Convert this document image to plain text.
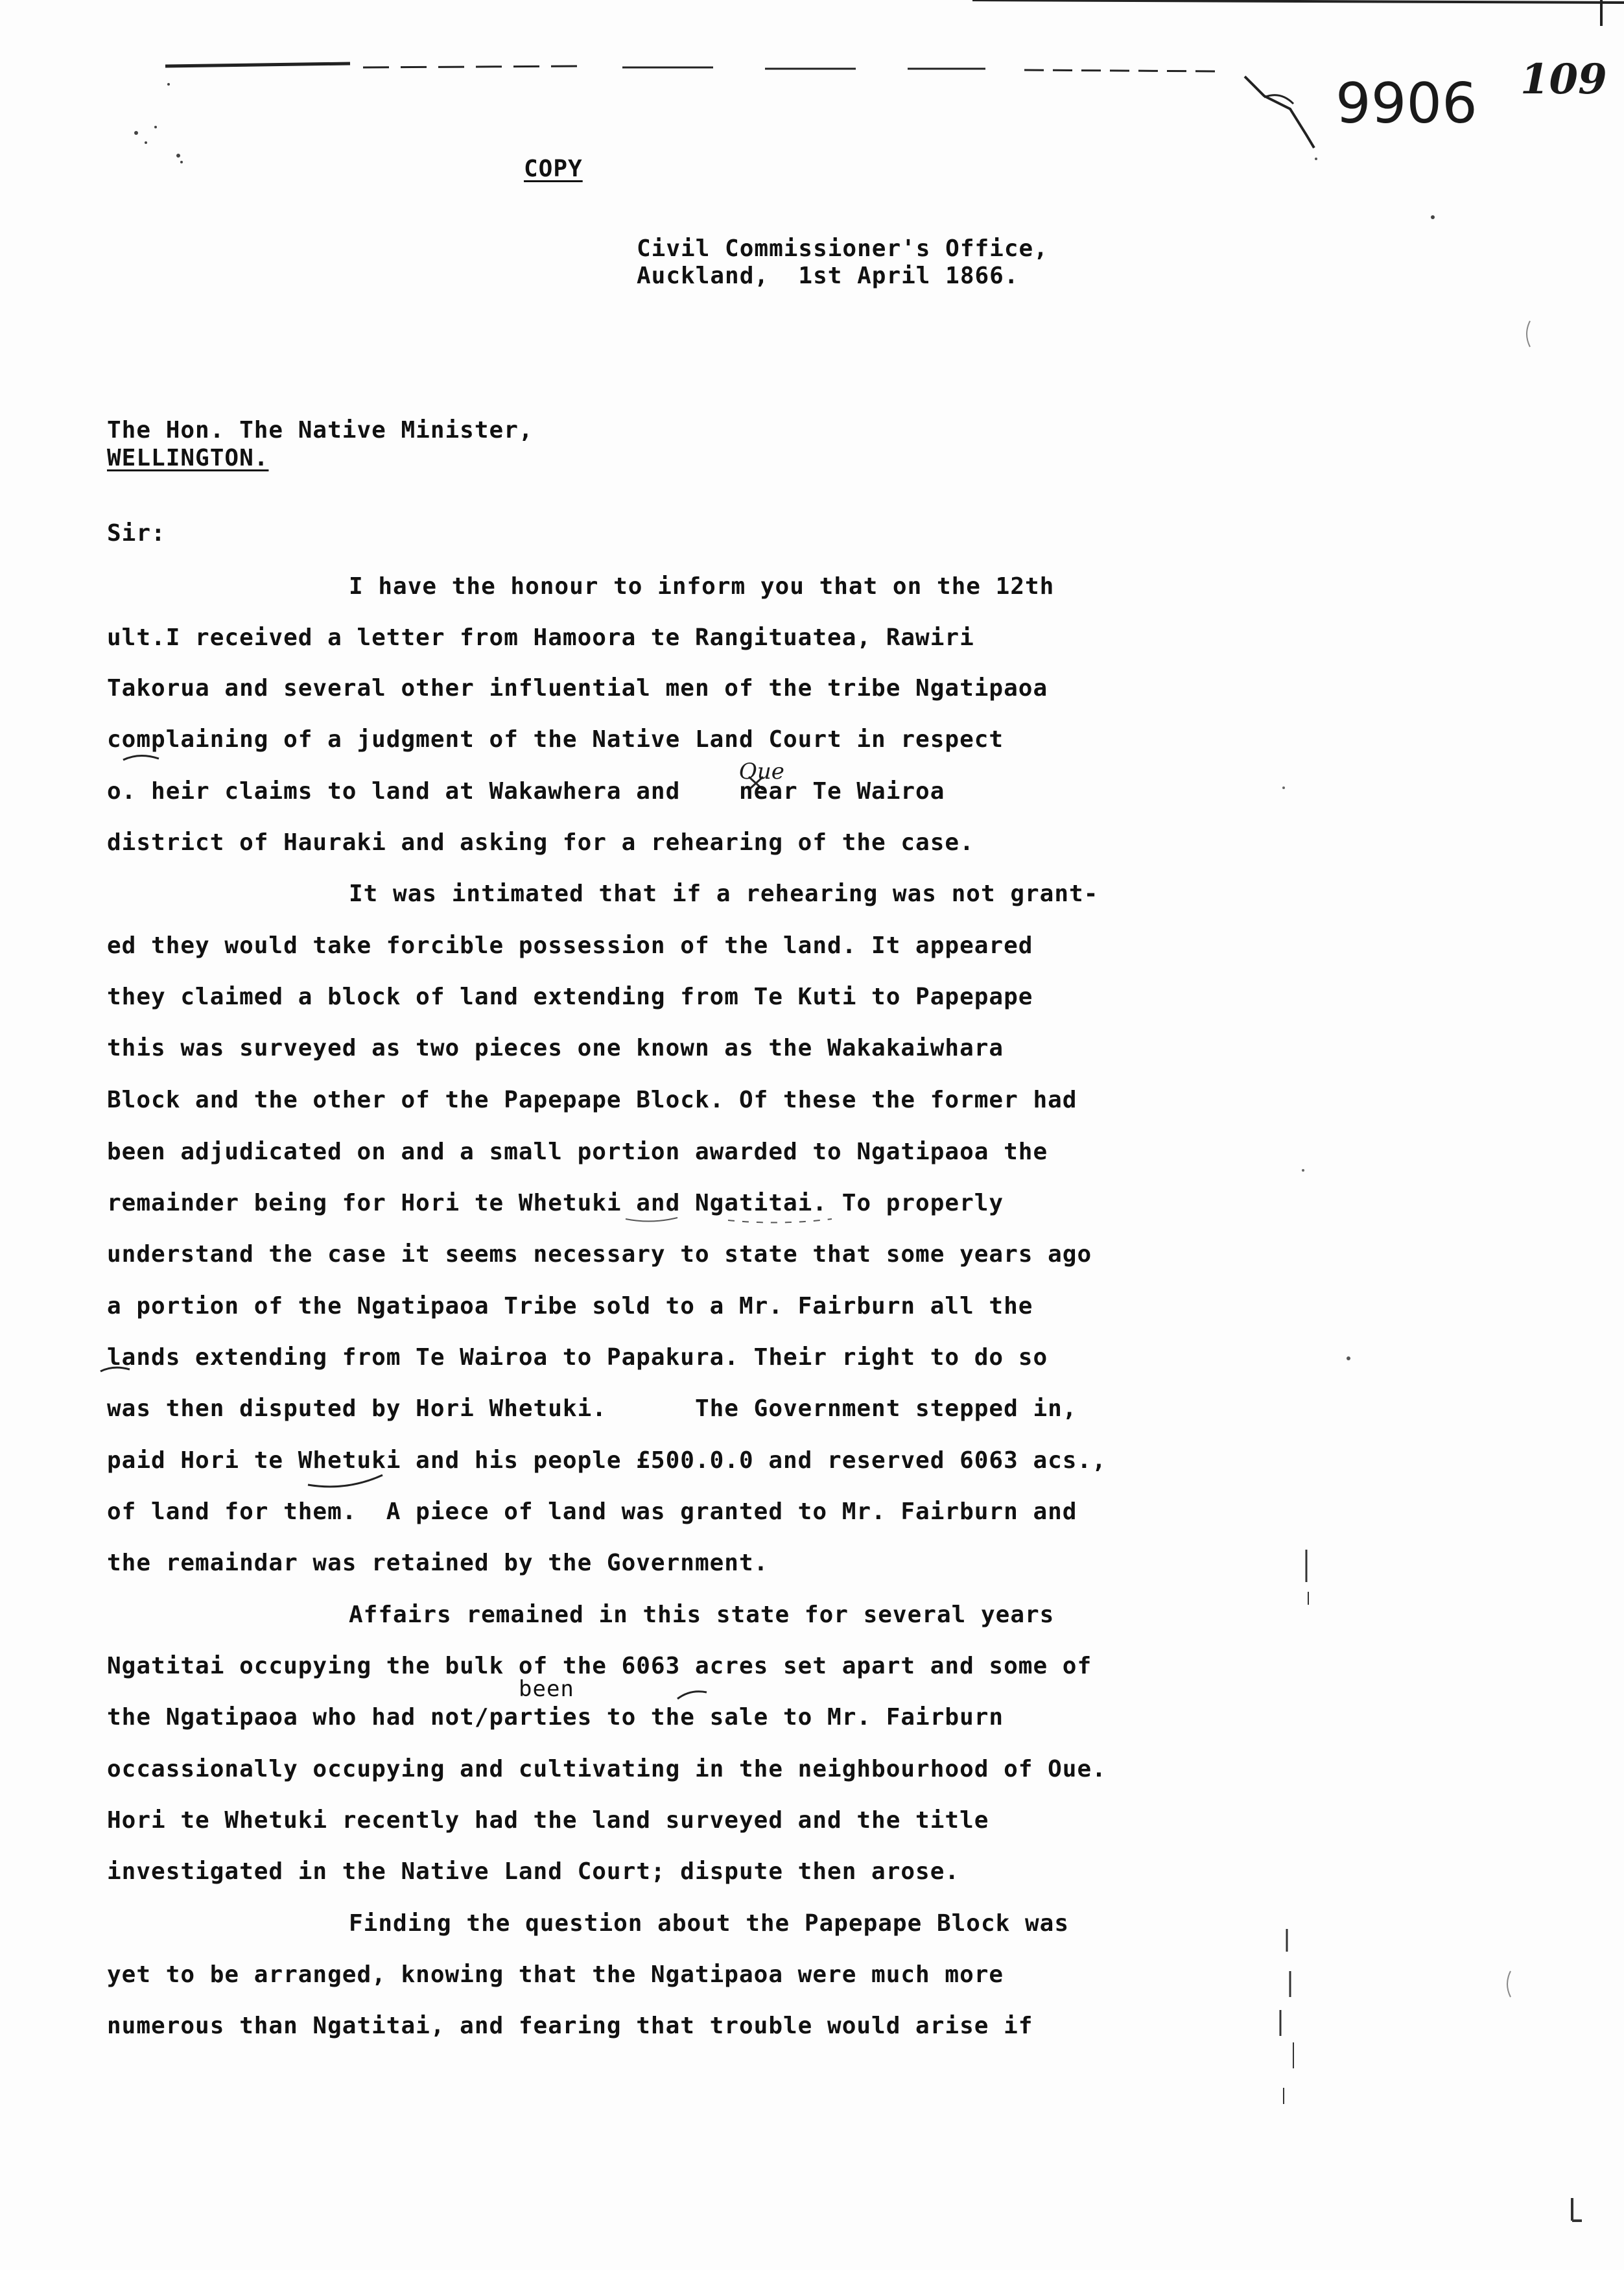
9906 109
COPY
Civil Commissioner's Office,
Auckland,  1st April 1866.
The Hon. The Native Minister,
WELLINGTON.
Sir:
Oue
been
I have the honour to inform you that on the 12th
ult.I received a letter from Hamoora te Rangituatea, Rawiri
Takorua and several other influential men of the tribe Ngatipaoa
complaining of a judgment of the Native Land Court in respect
o. heir claims to land at Wakawhera and    near Te Wairoa
district of Hauraki and asking for a rehearing of the case.
It was intimated that if a rehearing was not grant-
ed they would take forcible possession of the land. It appeared
they claimed a block of land extending from Te Kuti to Papepape
this was surveyed as two pieces one known as the Wakakaiwhara
Block and the other of the Papepape Block. Of these the former had
been adjudicated on and a small portion awarded to Ngatipaoa the
remainder being for Hori te Whetuki and Ngatitai. To properly
understand the case it seems necessary to state that some years ago
a portion of the Ngatipaoa Tribe sold to a Mr. Fairburn all the
lands extending from Te Wairoa to Papakura. Their right to do so
was then disputed by Hori Whetuki.      The Government stepped in,
paid Hori te Whetuki and his people £500.0.0 and reserved 6063 acs.,
of land for them.  A piece of land was granted to Mr. Fairburn and
the remaindar was retained by the Government.
Affairs remained in this state for several years
Ngatitai occupying the bulk of the 6063 acres set apart and some of
the Ngatipaoa who had not/parties to the sale to Mr. Fairburn
occassionally occupying and cultivating in the neighbourhood of Oue.
Hori te Whetuki recently had the land surveyed and the title
investigated in the Native Land Court; dispute then arose.
Finding the question about the Papepape Block was
yet to be arranged, knowing that the Ngatipaoa were much more
numerous than Ngatitai, and fearing that trouble would arise if
